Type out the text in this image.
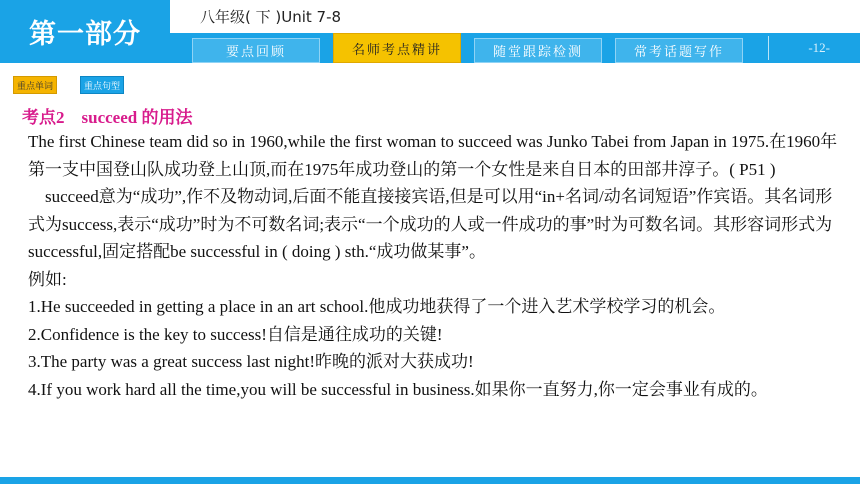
第一部分
八年级( 下 )Unit 7-8
要点回顾	名师考点精讲	随堂跟踪检测	常考话题写作	-12-
重点单词	重点句型
考点2　succeed 的用法

The first Chinese team did so in 1960,while the first woman to succeed was Junko Tabei from Japan in 1975.在1960年第一支中国登山队成功登上山顶,而在1975年成功登山的第一个女性是来自日本的田部井淳子。( P51 )

succeed意为“成功”,作不及物动词,后面不能直接接宾语,但是可以用“in+名词/动名词短语”作宾语。其名词形式为success,表示“成功”时为不可数名词;表示“一个成功的人或一件成功的事”时为可数名词。其形容词形式为successful,固定搭配be successful in ( doing ) sth.“成功做某事”。

例如:

1.He succeeded in getting a place in an art school.他成功地获得了一个进入艺术学校学习的机会。

2.Confidence is the key to success!自信是通往成功的关键!

3.The party was a great success last night!昨晚的派对大获成功!

4.If you work hard all the time,you will be successful in business.如果你一直努力,你一定会事业有成的。
